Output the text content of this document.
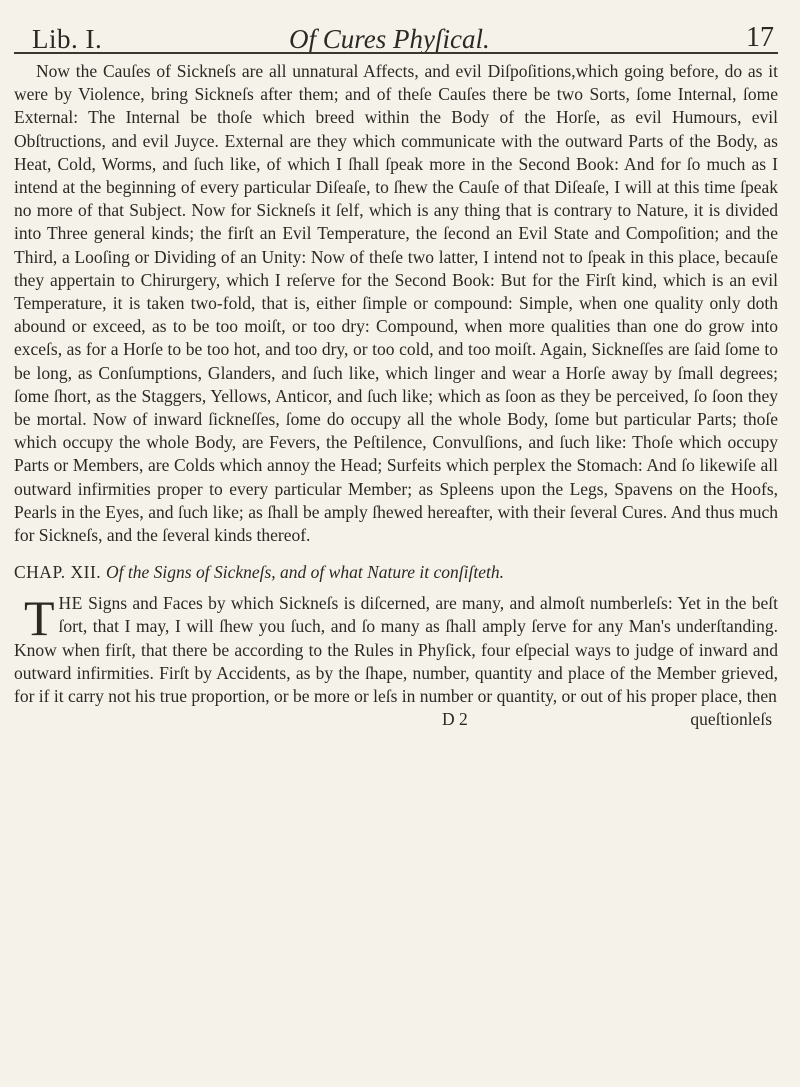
Lib. I.	Of Cures Phyſical.	17

Now the Cauſes of Sickneſs are all unnatural Affects, and evil Diſpoſitions,which going before, do as it were by Violence, bring Sickneſs after them; and of theſe Cauſes there be two Sorts, ſome Internal, ſome External: The Internal be thoſe which breed within the Body of the Horſe, as evil Humours, evil Obſtructions, and evil Juyce. External are they which communicate with the outward Parts of the Body, as Heat, Cold, Worms, and ſuch like, of which I ſhall ſpeak more in the Second Book: And for ſo much as I intend at the beginning of every particular Diſeaſe, to ſhew the Cauſe of that Diſeaſe, I will at this time ſpeak no more of that Subject. Now for Sickneſs it ſelf, which is any thing that is contrary to Nature, it is divided into Three general kinds; the firſt an Evil Temperature, the ſecond an Evil State and Compoſition; and the Third, a Looſing or Dividing of an Unity: Now of theſe two latter, I intend not to ſpeak in this place, becauſe they appertain to Chirurgery, which I reſerve for the Second Book: But for the Firſt kind, which is an evil Temperature, it is taken two-fold, that is, either ſimple or compound: Simple, when one quality only doth abound or exceed, as to be too moiſt, or too dry: Compound, when more qualities than one do grow into exceſs, as for a Horſe to be too hot, and too dry, or too cold, and too moiſt. Again, Sickneſſes are ſaid ſome to be long, as Conſumptions, Glanders, and ſuch like, which linger and wear a Horſe away by ſmall degrees; ſome ſhort, as the Staggers, Yellows, Anticor, and ſuch like; which as ſoon as they be perceived, ſo ſoon they be mortal. Now of inward ſickneſſes, ſome do occupy all the whole Body, ſome but particular Parts; thoſe which occupy the whole Body, are Fevers, the Peſtilence, Convulſions, and ſuch like: Thoſe which occupy Parts or Members, are Colds which annoy the Head; Surfeits which perplex the Stomach: And ſo likewiſe all outward infirmities proper to every particular Member; as Spleens upon the Legs, Spavens on the Hoofs, Pearls in the Eyes, and ſuch like; as ſhall be amply ſhewed hereafter, with their ſeveral Cures. And thus much for Sickneſs, and the ſeveral kinds thereof.

CHAP. XII. Of the Signs of Sickneſs, and of what Nature it conſiſteth.

THE Signs and Faces by which Sickneſs is diſcerned, are many, and almoſt numberleſs: Yet in the beſt ſort, that I may, I will ſhew you ſuch, and ſo many as ſhall amply ſerve for any Man's underſtanding. Know when firſt, that there be according to the Rules in Phyſick, four eſpecial ways to judge of inward and outward infirmities. Firſt by Accidents, as by the ſhape, number, quantity and place of the Member grieved, for if it carry not his true proportion, or be more or leſs in number or quantity, or out of his proper place, then

D 2	queſtionleſs
